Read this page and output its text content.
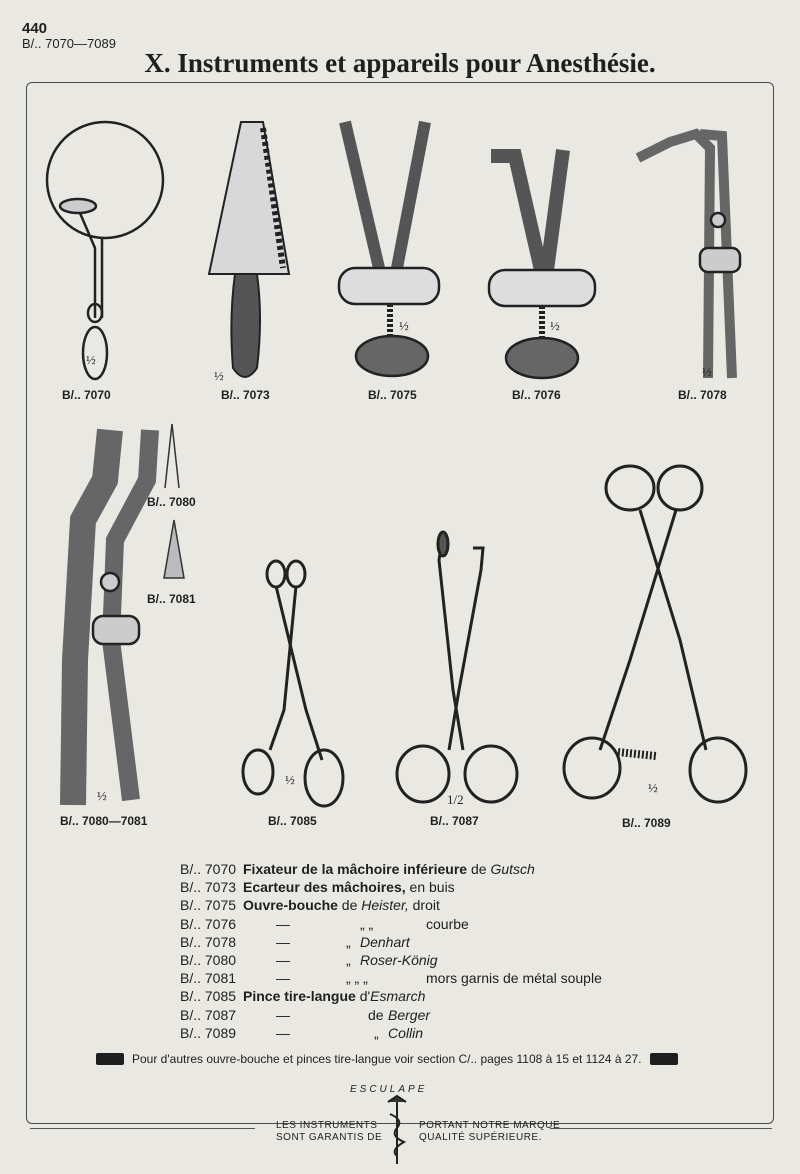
440
B/.. 7070—7089
X. Instruments et appareils pour Anesthésie.
½
B/.. 7070
½
B/.. 7073
½
B/.. 7075
½
B/.. 7076
½
B/.. 7078
B/.. 7080
B/.. 7081
½
B/.. 7080—7081
½
B/.. 7085
1/2
B/.. 7087
½
B/.. 7089
B/.. 7070 Fixateur de la mâchoire inférieure de Gutsch
B/.. 7073 Ecarteur des mâchoires, en buis
B/.. 7075 Ouvre-bouche de Heister, droit
B/.. 7076	—	„ „	courbe
B/.. 7078	—	„ Denhart
B/.. 7080	—	„ Roser-König
B/.. 7081	—	„ „ „	mors garnis de métal souple
B/.. 7085 Pince tire-langue d'Esmarch
B/.. 7087	—	de Berger
B/.. 7089	—	„ Collin
Pour d'autres ouvre-bouche et pinces tire-langue voir section C/.. pages 1108 à 15 et 1124 à 27.
ESCULAPE
LES INSTRUMENTS
SONT GARANTIS DE
PORTANT NOTRE MARQUE
QUALITÉ SUPÉRIEURE.
